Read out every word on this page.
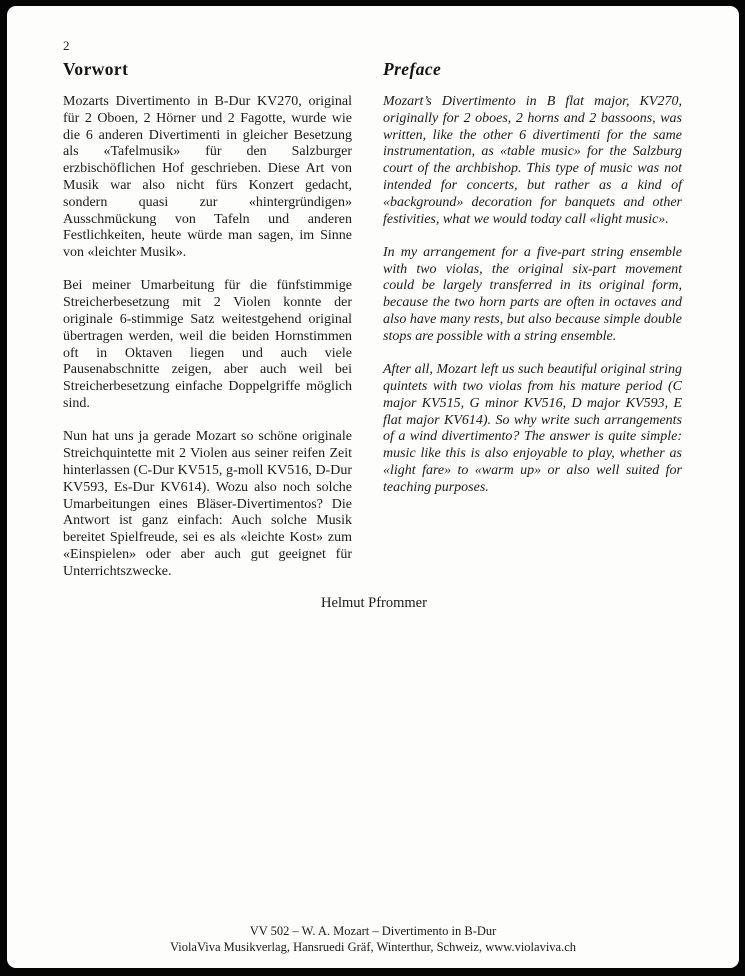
2
Vorwort

Mozarts Divertimento in B-Dur KV270, original für 2 Oboen, 2 Hörner und 2 Fagotte, wurde wie die 6 anderen Divertimenti in gleicher Besetzung als «Tafelmusik» für den Salzburger erzbischöflichen Hof geschrieben. Diese Art von Musik war also nicht fürs Konzert gedacht, sondern quasi zur «hintergründigen» Ausschmückung von Tafeln und anderen Festlichkeiten, heute würde man sagen, im Sinne von «leichter Musik».

Bei meiner Umarbeitung für die fünfstimmige Streicherbesetzung mit 2 Violen konnte der originale 6-stimmige Satz weitestgehend original übertragen werden, weil die beiden Hornstimmen oft in Oktaven liegen und auch viele Pausenabschnitte zeigen, aber auch weil bei Streicherbesetzung einfache Doppelgriffe möglich sind.

Nun hat uns ja gerade Mozart so schöne originale Streichquintette mit 2 Violen aus seiner reifen Zeit hinterlassen (C-Dur KV515, g-moll KV516, D-Dur KV593, Es-Dur KV614). Wozu also noch solche Umarbeitungen eines Bläser-Divertimentos? Die Antwort ist ganz einfach: Auch solche Musik bereitet Spielfreude, sei es als «leichte Kost» zum «Einspielen» oder aber auch gut geeignet für Unterrichtszwecke.

Preface

Mozart’s Divertimento in B flat major, KV270, originally for 2 oboes, 2 horns and 2 bassoons, was written, like the other 6 divertimenti for the same instrumentation, as «table music» for the Salzburg court of the archbishop. This type of music was not intended for concerts, but rather as a kind of «background» decoration for banquets and other festivities, what we would today call «light music».

In my arrangement for a five-part string ensemble with two violas, the original six-part movement could be largely transferred in its original form, because the two horn parts are often in octaves and also have many rests, but also because simple double stops are possible with a string ensemble.

After all, Mozart left us such beautiful original string quintets with two violas from his mature period (C major KV515, G minor KV516, D major KV593, E flat major KV614). So why write such arrangements of a wind divertimento? The answer is quite simple: music like this is also enjoyable to play, whether as «light fare» to «warm up» or also well suited for teaching purposes.

Helmut Pfrommer
VV 502 – W. A. Mozart – Divertimento in B-Dur
ViolaViva Musikverlag, Hansruedi Gräf, Winterthur, Schweiz, www.violaviva.ch
